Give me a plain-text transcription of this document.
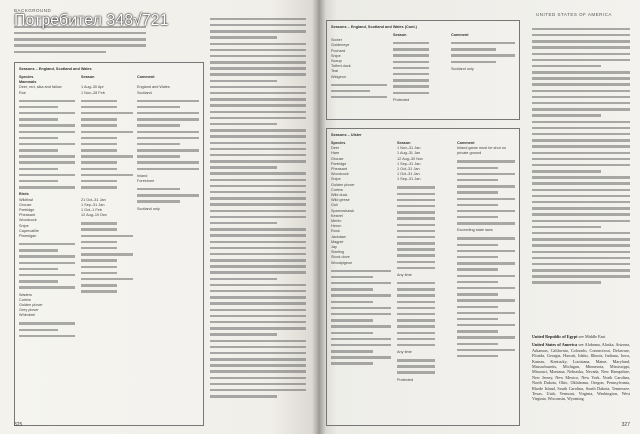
BACKGROUND
Seasons – England, Scotland and Wales
Species
Mammals
Deer, red, sika and fallow
Roe
Birds
Wildfowl
Grouse
Partridge
Pheasant
Woodcock
Snipe
Capercaillie
Ptarmigan
Waders
Curlew
Golden plover
Grey plover
Whimbrel
Season

1 Aug–30 Apr
1 Nov–28 Feb

21 Oct–31 Jan
1 Sep–31 Jan
1 Oct–1 Feb
12 Aug–10 Dec
Comment

England and Wales
Scotland
Inland
Foreshore
Scotland only
325
UNITED STATES OF AMERICA
Seasons – England, Scotland and Wales (Cont.)

Scoter
Goldeneye
Pochard
Snipe
Scaup
Tufted duck
Teal
Widgeon
Season
Protected
Comment
Scotland only
Seasons – Ulster
Species
Deer
Hare
Grouse
Partridge
Pheasant
Woodcock
Snipe
Golden plover
Curlew
Wild duck
Wild geese
Gull
Sparrowhawk
Kestrel
Merlin
Heron
Rook
Jackdaw
Magpie
Jay
Starling
Stock dove
Woodpigeon
Season
1 Nov–31 Jan
1 Aug–31 Jan
12 Aug–30 Nov
1 Sep–31 Jan
1 Oct–31 Jan
1 Oct–31 Jan
1 Sep–31 Jan
Any time
Any time
Protected
Comment
Inland game must be shot on private ground
Exceeding state laws
United Republic of Egypt see Middle East
United States of America see Alabama, Alaska, Arizona, Arkansas, California, Colorado, Connecticut, Delaware, Florida, Georgia, Hawaii, Idaho, Illinois, Indiana, Iowa, Kansas, Kentucky, Louisiana, Maine, Maryland, Massachusetts, Michigan, Minnesota, Mississippi, Missouri, Montana, Nebraska, Nevada, New Hampshire, New Jersey, New Mexico, New York, North Carolina, North Dakota, Ohio, Oklahoma, Oregon, Pennsylvania, Rhode Island, South Carolina, South Dakota, Tennessee, Texas, Utah, Vermont, Virginia, Washington, West Virginia, Wisconsin, Wyoming
327
Потребител 348√721
